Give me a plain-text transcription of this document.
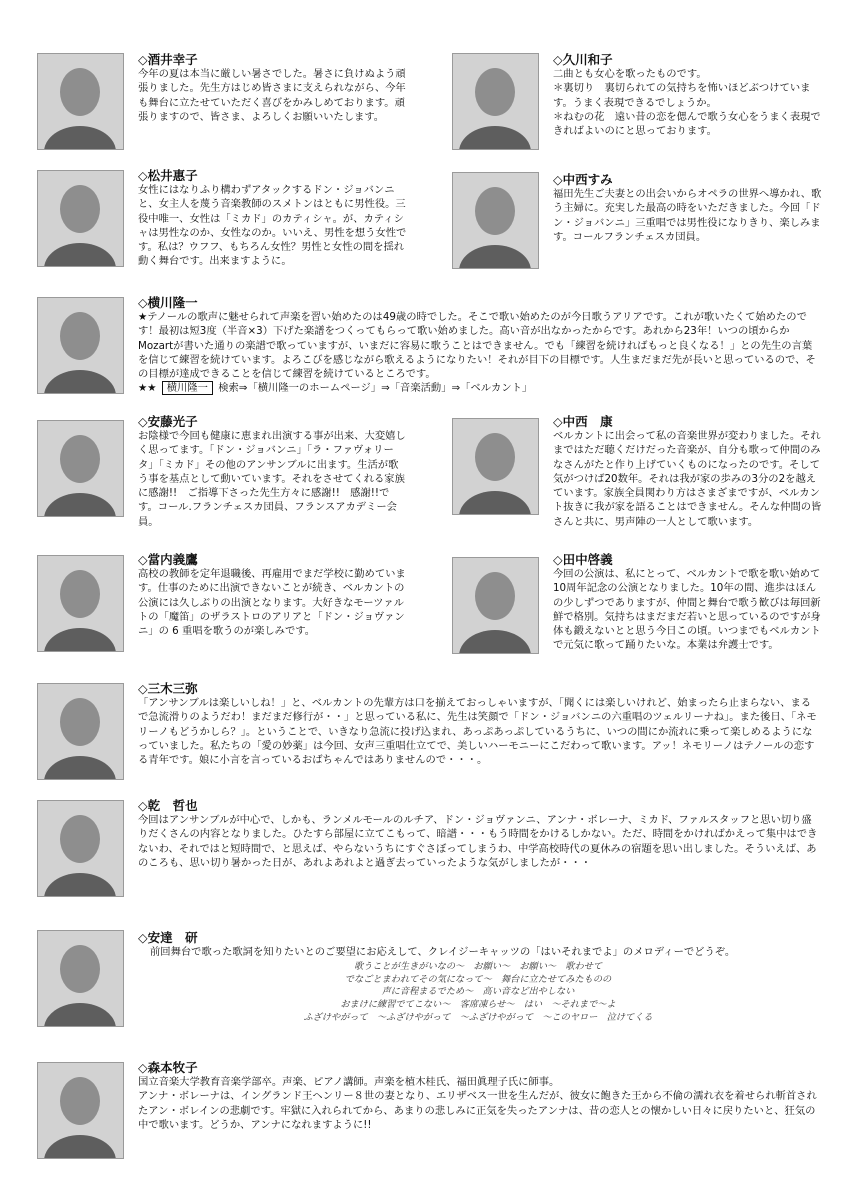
◇酒井幸子
今年の夏は本当に厳しい暑さでした。暑さに負けぬよう頑張りました。先生方はじめ皆さまに支えられながら、今年も舞台に立たせていただく喜びをかみしめております。頑張りますので、皆さま、よろしくお願いいたします。
◇久川和子

二曲とも女心を歌ったものです。

＊裏切り　裏切られての気持ちを怖いほどぶつけています。うまく表現できるでしょうか。

＊ねむの花　遠い昔の恋を偲んで歌う女心をうまく表現できればよいのにと思っております。

◇松井惠子
女性にはなりふり構わずアタックするドン・ジョバンニと、女主人を蔑う音楽教師のスメトンはともに男性役。三役中唯一、女性は「ミカド」のカティシャ。が、カティシャは男性なのか、女性なのか。いいえ、男性を想う女性です。私は？ウフフ、もちろん女性？男性と女性の間を揺れ動く舞台です。出来ますように。
◇中西すみ
福田先生ご夫妻との出会いからオペラの世界へ導かれ、歌う主婦に。充実した最高の時をいただきました。今回「ドン・ジョバンニ」三重唱では男性役になりきり、楽しみます。コールフランチェスカ団員。
◇横川隆一

★テノールの歌声に魅せられて声楽を習い始めたのは49歳の時でした。そこで歌い始めたのが今日歌うアリアです。これが歌いたくて始めたのです！最初は短3度（半音×3）下げた楽譜をつくってもらって歌い始めました。高い音が出なかったからです。あれから23年！いつの頃からかMozartが書いた通りの楽譜で歌っていますが、いまだに容易に歌うことはできません。でも「練習を続ければもっと良くなる！」との先生の言葉を信じて練習を続けています。よろこびを感じながら歌えるようになりたい！それが目下の目標です。人生まだまだ先が長いと思っているので、その目標が達成できることを信じて練習を続けているところです。

★★ 横川隆一 検索⇒「横川隆一のホームページ」⇒「音楽活動」⇒「ベルカント」

◇安藤光子
お陰様で今回も健康に恵まれ出演する事が出来、大変嬉しく思ってます。「ドン・ジョバンニ」「ラ・ファヴォリータ」「ミカド」その他のアンサンブルに出ます。生活が歌う事を基点として動いています。それをさせてくれる家族に感謝!!　ご指導下さった先生方々に感謝!!　感謝!!です。コール.フランチェスカ団員、フランスアカデミー会員。
◇中西　康
ベルカントに出会って私の音楽世界が変わりました。それまではただ聴くだけだった音楽が、自分も歌って仲間のみなさんがたと作り上げていくものになったのです。そして気がつけば20数年。それは我が家の歩みの3分の2を越えています。家族全員関わり方はさまざまですが、ベルカント抜きに我が家を語ることはできません。そんな仲間の皆さんと共に、男声陣の一人として歌います。
◇當内義鷹
高校の教師を定年退職後、再雇用でまだ学校に勤めています。仕事のために出演できないことが続き、ベルカントの公演には久しぶりの出演となります。大好きなモーツァルトの「魔笛」のザラストロのアリアと「ドン・ジョヴァンニ」の 6 重唱を歌うのが楽しみです。
◇田中啓義
今回の公演は、私にとって、ベルカントで歌を歌い始めて10周年記念の公演となりました。10年の間、進歩はほんの少しずつでありますが、仲間と舞台で歌う歓びは毎回新鮮で格別。気持ちはまだまだ若いと思っているのですが身体も鍛えないとと思う今日この頃。いつまでもベルカントで元気に歌って踊りたいな。本業は弁護士です。
◇三木三弥
「アンサンブルは楽しいしね！」と、ベルカントの先輩方は口を揃えておっしゃいますが、「聞くには楽しいけれど、始まったら止まらない、まるで急流滑りのようだわ！まだまだ修行が・・」と思っている私に、先生は笑顔で「ドン・ジョバンニの六重唱のツェルリーナね」。また後日、「ネモリーノもどうかしら？」。ということで、いきなり急流に投げ込まれ、あっぷあっぷしているうちに、いつの間にか流れに乗って楽しめるようになっていました。私たちの「愛の妙薬」は今回、女声三重唱仕立てで、美しいハーモニーにこだわって歌います。アッ！ネモリーノはテノールの恋する青年です。娘に小言を言っているおばちゃんではありませんので・・・。
◇乾　哲也
今回はアンサンブルが中心で、しかも、ランメルモールのルチア、ドン・ジョヴァンニ、アンナ・ボレーナ、ミカド、ファルスタッフと思い切り盛りだくさんの内容となりました。ひたすら部屋に立てこもって、暗譜・・・もう時間をかけるしかない。ただ、時間をかければかえって集中はできないわ、それではと短時間で、と思えば、やらないうちにすぐさぼってしまうわ、中学高校時代の夏休みの宿題を思い出しました。そういえば、あのころも、思い切り暑かった日が、あれよあれよと過ぎ去っていったような気がしましたが・・・
◇安達　研

前回舞台で歌った歌詞を知りたいとのご要望にお応えして、クレイジーキャッツの「はいそれまでよ」のメロディーでどうぞ。

歌うことが生きがいなの〜　お願い〜　お願い〜　歌わせて
でなごとまわれてその気になって〜　舞台に立たせてみたものの
声に音程まるでため〜　高い音など出やしない
おまけに練習でてこない〜　客席凍らせ〜　はい　〜それまで〜よ
ふざけやがって　〜ふざけやがって　〜ふざけやがって　〜このヤロー　泣けてくる
◇森本牧子

国立音楽大学教育音楽学部卒。声楽、ピアノ講師。声楽を植木桂氏、福田眞理子氏に師事。

アンナ・ボレーナは、イングランド王ヘンリー８世の妻となり、エリザベス一世を生んだが、彼女に飽きた王から不倫の濡れ衣を着せられ斬首されたアン・ボレインの悲劇です。牢獄に入れられてから、あまりの悲しみに正気を失ったアンナは、昔の恋人との懐かしい日々に戻りたいと、狂気の中で歌います。どうか、アンナになれますように!!
